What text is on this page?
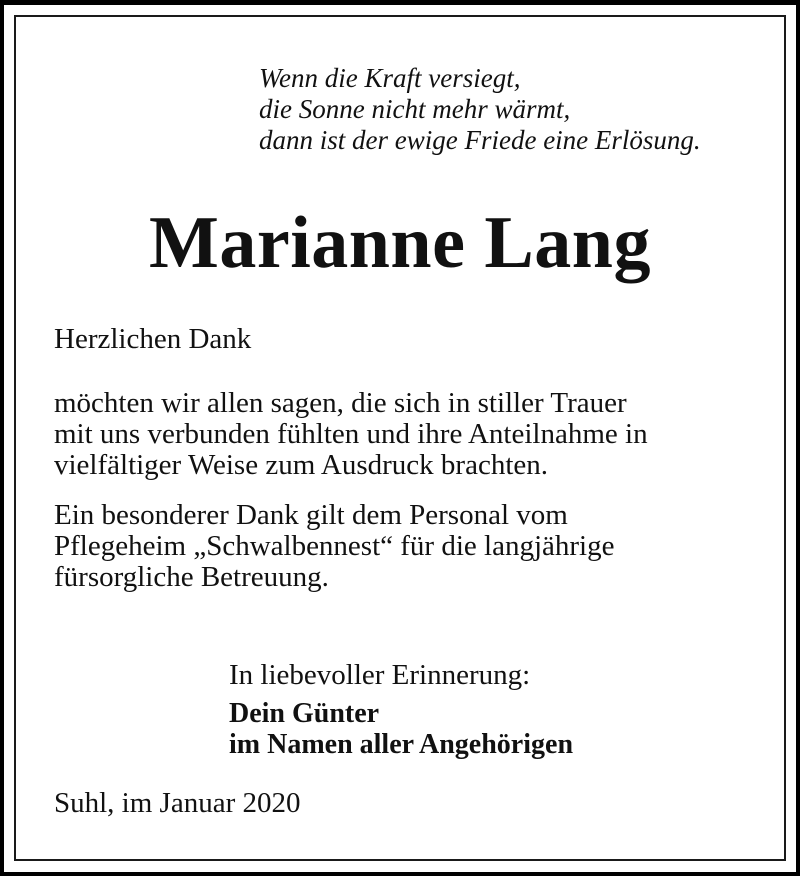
Wenn die Kraft versiegt,
die Sonne nicht mehr wärmt,
dann ist der ewige Friede eine Erlösung.
Marianne Lang
Herzlichen Dank
möchten wir allen sagen, die sich in stiller Trauer
mit uns verbunden fühlten und ihre Anteilnahme in
vielfältiger Weise zum Ausdruck brachten.
Ein besonderer Dank gilt dem Personal vom
Pflegeheim „Schwalbennest“ für die langjährige
fürsorgliche Betreuung.
In liebevoller Erinnerung:
Dein Günter
im Namen aller Angehörigen
Suhl, im Januar 2020
